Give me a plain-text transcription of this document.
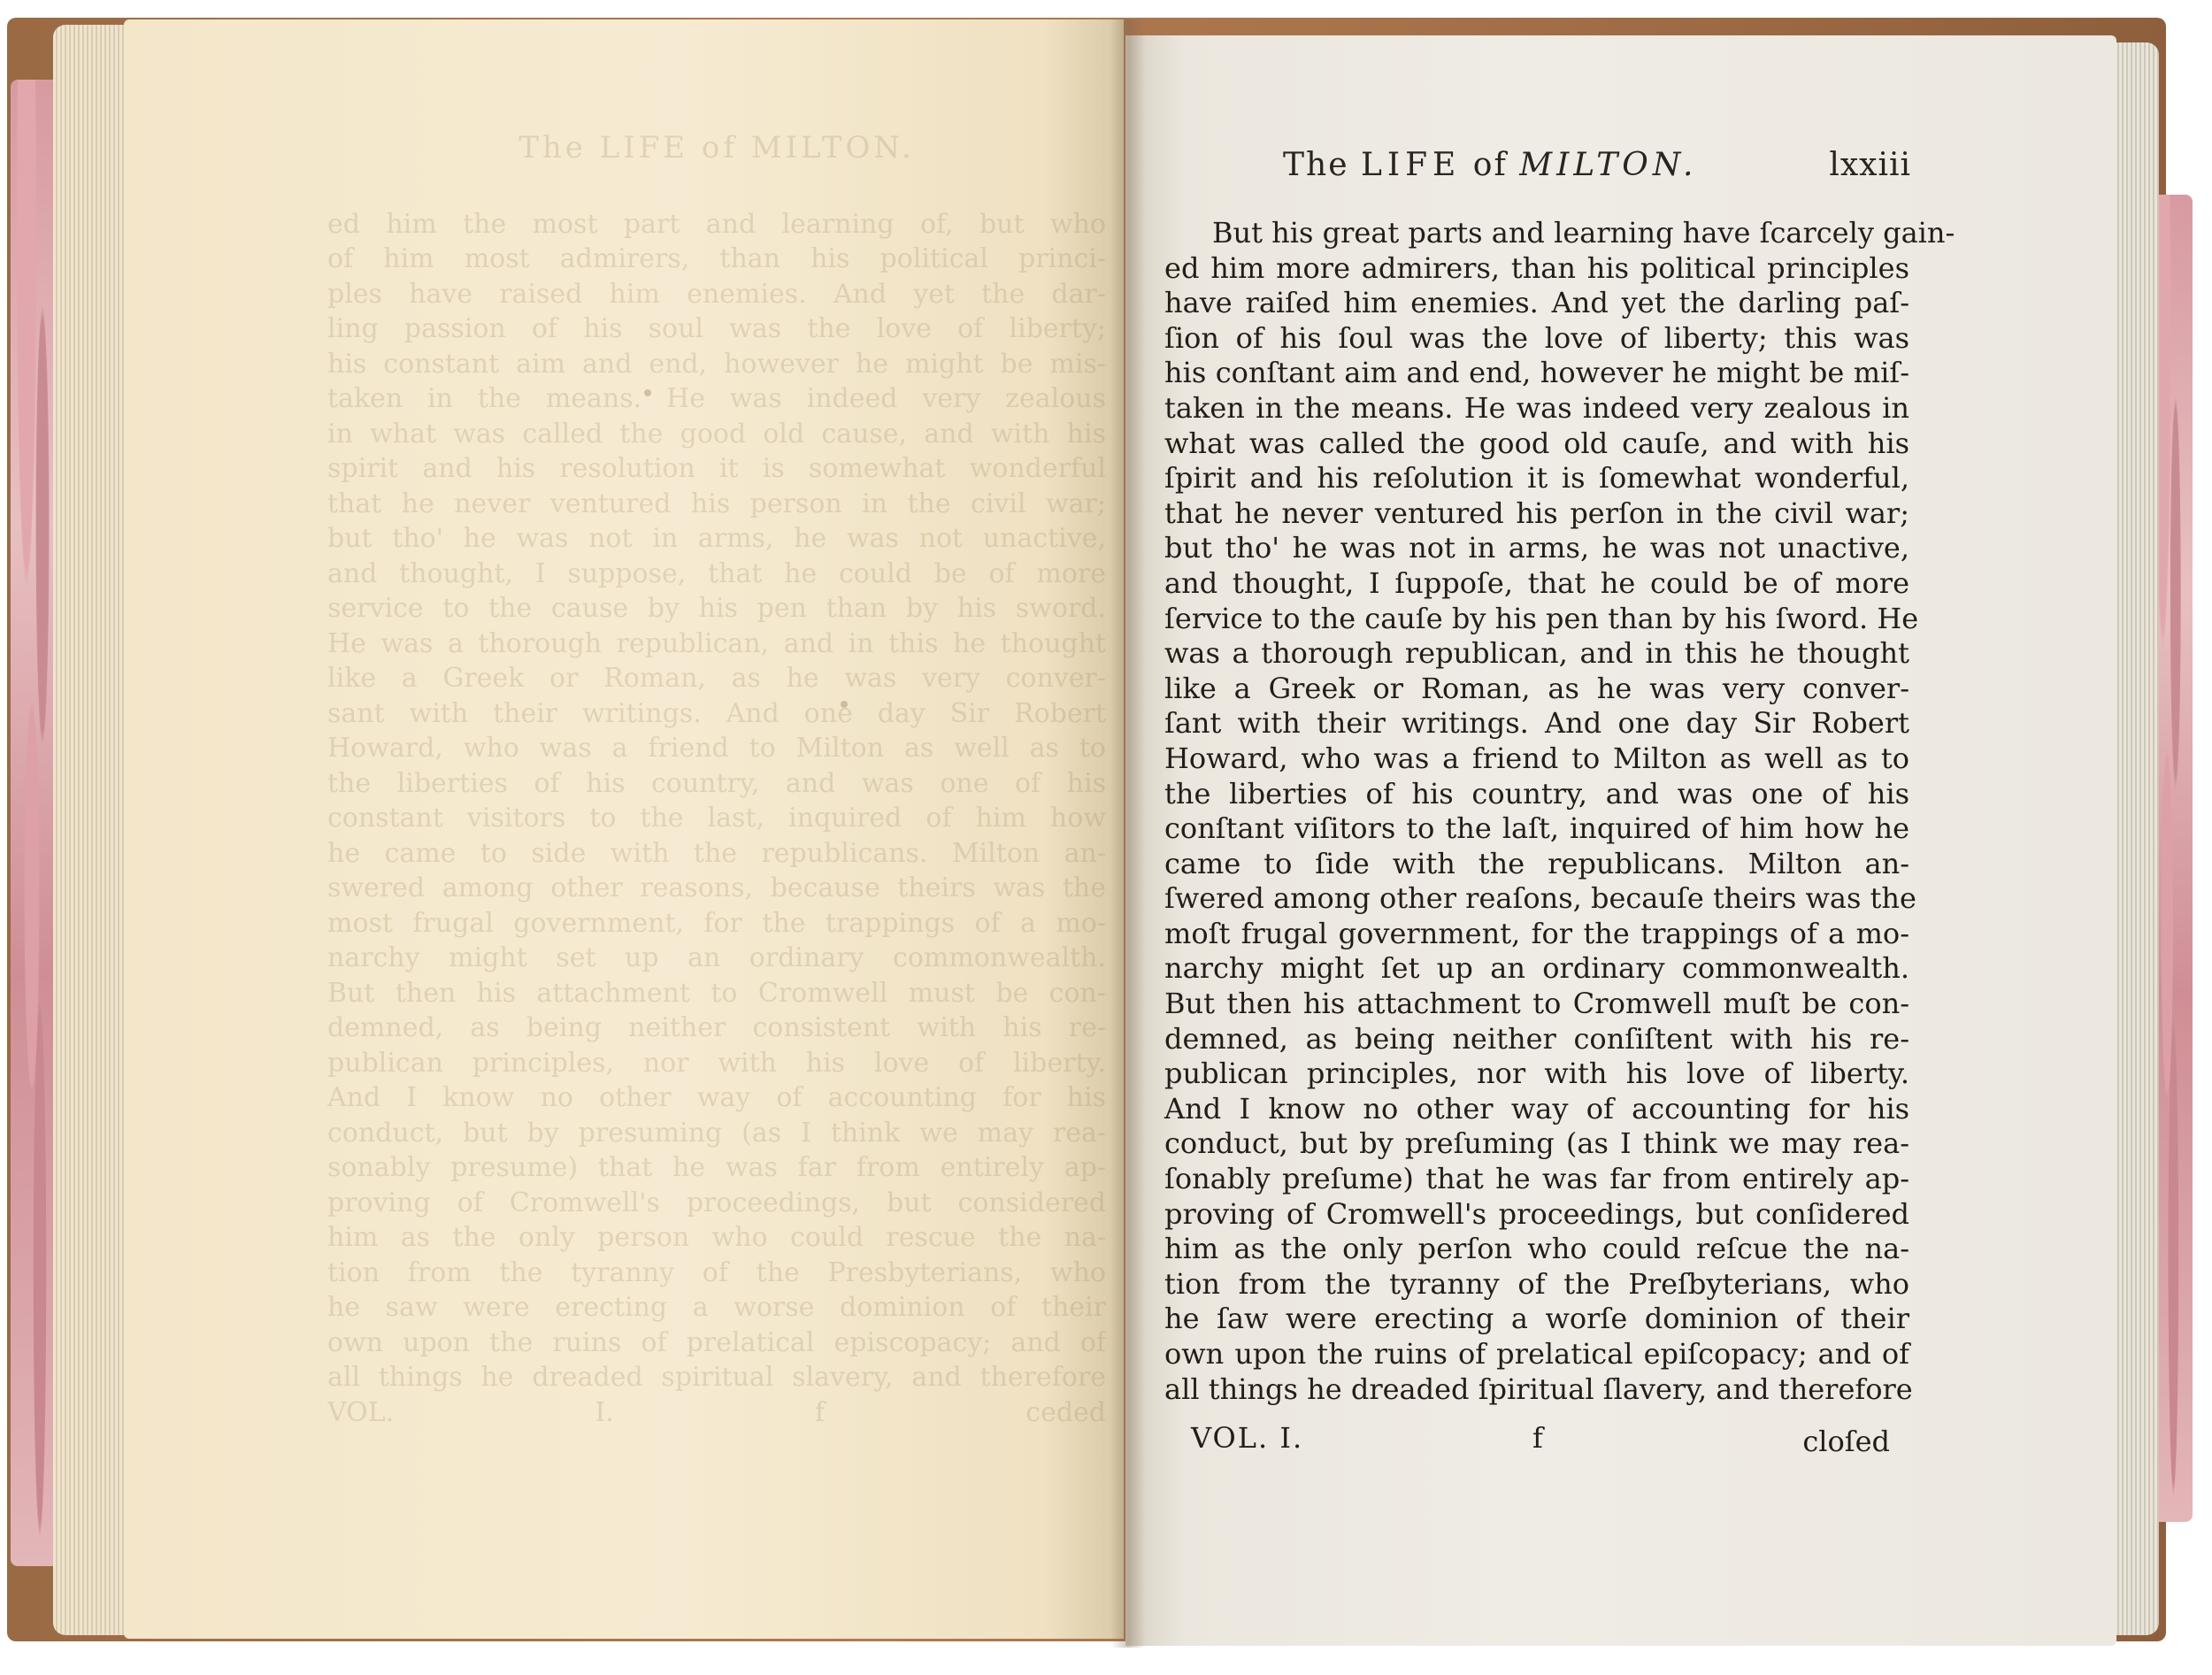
The LIFE of MILTON.
ed him the most part and learning of, but who
of him most admirers, than his political princi-
ples have raised him enemies. And yet the dar-
ling passion of his soul was the love of liberty;
his constant aim and end, however he might be mis-
taken in the means. He was indeed very zealous
in what was called the good old cause, and with his
spirit and his resolution it is somewhat wonderful
that he never ventured his person in the civil war;
but tho' he was not in arms, he was not unactive,
and thought, I suppose, that he could be of more
service to the cause by his pen than by his sword.
He was a thorough republican, and in this he thought
like a Greek or Roman, as he was very conver-
sant with their writings. And one day Sir Robert
Howard, who was a friend to Milton as well as to
the liberties of his country, and was one of his
constant visitors to the last, inquired of him how
he came to side with the republicans. Milton an-
swered among other reasons, because theirs was the
most frugal government, for the trappings of a mo-
narchy might set up an ordinary commonwealth.
But then his attachment to Cromwell must be con-
demned, as being neither consistent with his re-
publican principles, nor with his love of liberty.
And I know no other way of accounting for his
conduct, but by presuming (as I think we may rea-
sonably presume) that he was far from entirely ap-
proving of Cromwell's proceedings, but considered
him as the only person who could rescue the na-
tion from the tyranny of the Presbyterians, who
he saw were erecting a worse dominion of their
own upon the ruins of prelatical episcopacy; and of
all things he dreaded spiritual slavery, and therefore
VOL. I. f ceded
The LIFE of MILTON.	lxxiii
But his great parts and learning have ſcarcely gain-
ed him more admirers, than his political principles
have raiſed him enemies. And yet the darling paſ-
ſion of his ſoul was the love of liberty; this was
his conſtant aim and end, however he might be miſ-
taken in the means. He was indeed very zealous in
what was called the good old cauſe, and with his
ſpirit and his reſolution it is ſomewhat wonderful,
that he never ventured his perſon in the civil war;
but tho' he was not in arms, he was not unactive,
and thought, I ſuppoſe, that he could be of more
ſervice to the cauſe by his pen than by his ſword. He
was a thorough republican, and in this he thought
like a Greek or Roman, as he was very conver-
ſant with their writings. And one day Sir Robert
Howard, who was a friend to Milton as well as to
the liberties of his country, and was one of his
conſtant viſitors to the laſt, inquired of him how he
came to ſide with the republicans. Milton an-
ſwered among other reaſons, becauſe theirs was the
moſt frugal government, for the trappings of a mo-
narchy might ſet up an ordinary commonwealth.
But then his attachment to Cromwell muſt be con-
demned, as being neither conſiſtent with his re-
publican principles, nor with his love of liberty.
And I know no other way of accounting for his
conduct, but by preſuming (as I think we may rea-
ſonably preſume) that he was far from entirely ap-
proving of Cromwell's proceedings, but conſidered
him as the only perſon who could reſcue the na-
tion from the tyranny of the Preſbyterians, who
he ſaw were erecting a worſe dominion of their
own upon the ruins of prelatical epiſcopacy; and of
all things he dreaded ſpiritual ſlavery, and therefore
VOL. I.	f	cloſed
